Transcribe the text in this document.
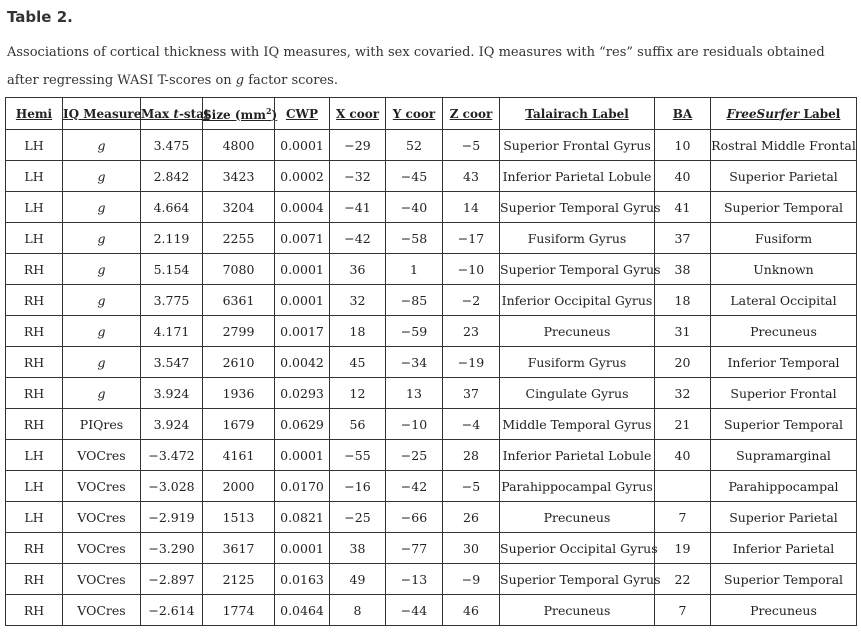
Table 2.
Associations of cortical thickness with IQ measures, with sex covaried. IQ measures with “res” suffix are residuals obtained after regressing WASI T-scores on g factor scores.
Hemi	IQ Measure	Max t-stat	Size $(mm^2)$	CWP	X coor	Y coor	Z coor	Talairach Label	BA	FreeSurfer Label
LH	g	3.475	4800	0.0001	−29	52	−5	Superior Frontal Gyrus	10	Rostral Middle Frontal
LH	g	2.842	3423	0.0002	−32	−45	43	Inferior Parietal Lobule	40	Superior Parietal
LH	g	4.664	3204	0.0004	−41	−40	14	Superior Temporal Gyrus	41	Superior Temporal
LH	g	2.119	2255	0.0071	−42	−58	−17	Fusiform Gyrus	37	Fusiform
RH	g	5.154	7080	0.0001	36	1	−10	Superior Temporal Gyrus	38	Unknown
RH	g	3.775	6361	0.0001	32	−85	−2	Inferior Occipital Gyrus	18	Lateral Occipital
RH	g	4.171	2799	0.0017	18	−59	23	Precuneus	31	Precuneus
RH	g	3.547	2610	0.0042	45	−34	−19	Fusiform Gyrus	20	Inferior Temporal
RH	g	3.924	1936	0.0293	12	13	37	Cingulate Gyrus	32	Superior Frontal
RH	PIQres	3.924	1679	0.0629	56	−10	−4	Middle Temporal Gyrus	21	Superior Temporal
LH	VOCres	−3.472	4161	0.0001	−55	−25	28	Inferior Parietal Lobule	40	Supramarginal
LH	VOCres	−3.028	2000	0.0170	−16	−42	−5	Parahippocampal Gyrus		Parahippocampal
LH	VOCres	−2.919	1513	0.0821	−25	−66	26	Precuneus	7	Superior Parietal
RH	VOCres	−3.290	3617	0.0001	38	−77	30	Superior Occipital Gyrus	19	Inferior Parietal
RH	VOCres	−2.897	2125	0.0163	49	−13	−9	Superior Temporal Gyrus	22	Superior Temporal
RH	VOCres	−2.614	1774	0.0464	8	−44	46	Precuneus	7	Precuneus
